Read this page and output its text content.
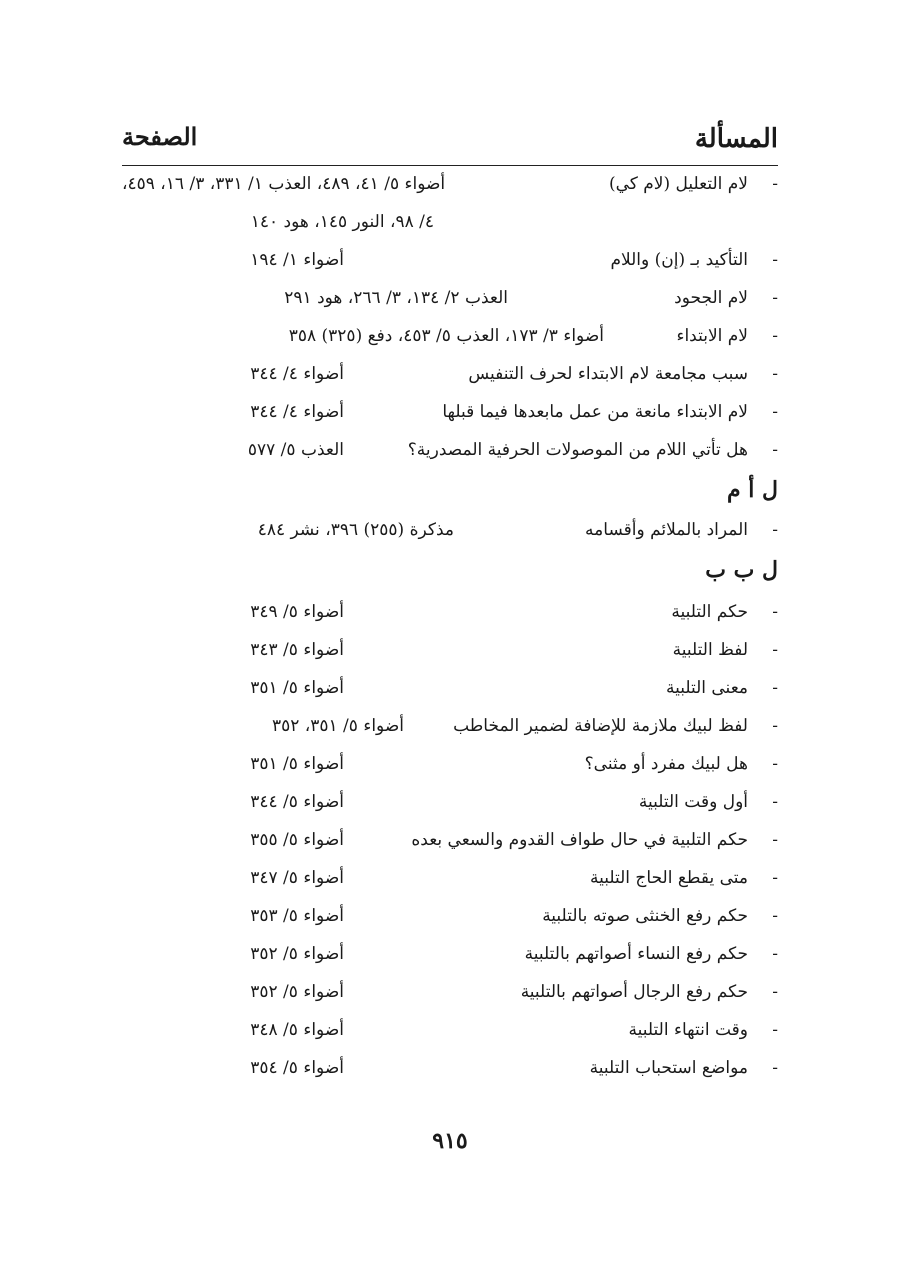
المسألة
الصفحة
-
لام التعليل (لام كي)
أضواء ٥/ ٤١، ٤٨٩، العذب ١/ ٣٣١، ٣/ ١٦، ٤٥٩،
٤/ ٩٨، النور ١٤٥، هود ١٤٠
-
التأكيد بـ (إن) واللام
أضواء ١/ ١٩٤
-
لام الجحود
العذب ٢/ ١٣٤، ٣/ ٢٦٦، هود ٢٩١
-
لام الابتداء
أضواء ٣/ ١٧٣، العذب ٥/ ٤٥٣، دفع (٣٢٥) ٣٥٨
-
سبب مجامعة لام الابتداء لحرف التنفيس
أضواء ٤/ ٣٤٤
-
لام الابتداء مانعة من عمل مابعدها فيما قبلها
أضواء ٤/ ٣٤٤
-
هل تأتي اللام من الموصولات الحرفية المصدرية؟
العذب ٥/ ٥٧٧
ل أ م
-
المراد بالملائم وأقسامه
مذكرة (٢٥٥) ٣٩٦، نشر ٤٨٤
ل ب ب
-
حكم التلبية
أضواء ٥/ ٣٤٩
-
لفظ التلبية
أضواء ٥/ ٣٤٣
-
معنى التلبية
أضواء ٥/ ٣٥١
-
لفظ لبيك ملازمة للإضافة لضمير المخاطب
أضواء ٥/ ٣٥١، ٣٥٢
-
هل لبيك مفرد أو مثنى؟
أضواء ٥/ ٣٥١
-
أول وقت التلبية
أضواء ٥/ ٣٤٤
-
حكم التلبية في حال طواف القدوم والسعي بعده
أضواء ٥/ ٣٥٥
-
متى يقطع الحاج التلبية
أضواء ٥/ ٣٤٧
-
حكم رفع الخنثى صوته بالتلبية
أضواء ٥/ ٣٥٣
-
حكم رفع النساء أصواتهم بالتلبية
أضواء ٥/ ٣٥٢
-
حكم رفع الرجال أصواتهم بالتلبية
أضواء ٥/ ٣٥٢
-
وقت انتهاء التلبية
أضواء ٥/ ٣٤٨
-
مواضع استحباب التلبية
أضواء ٥/ ٣٥٤
٩١٥
